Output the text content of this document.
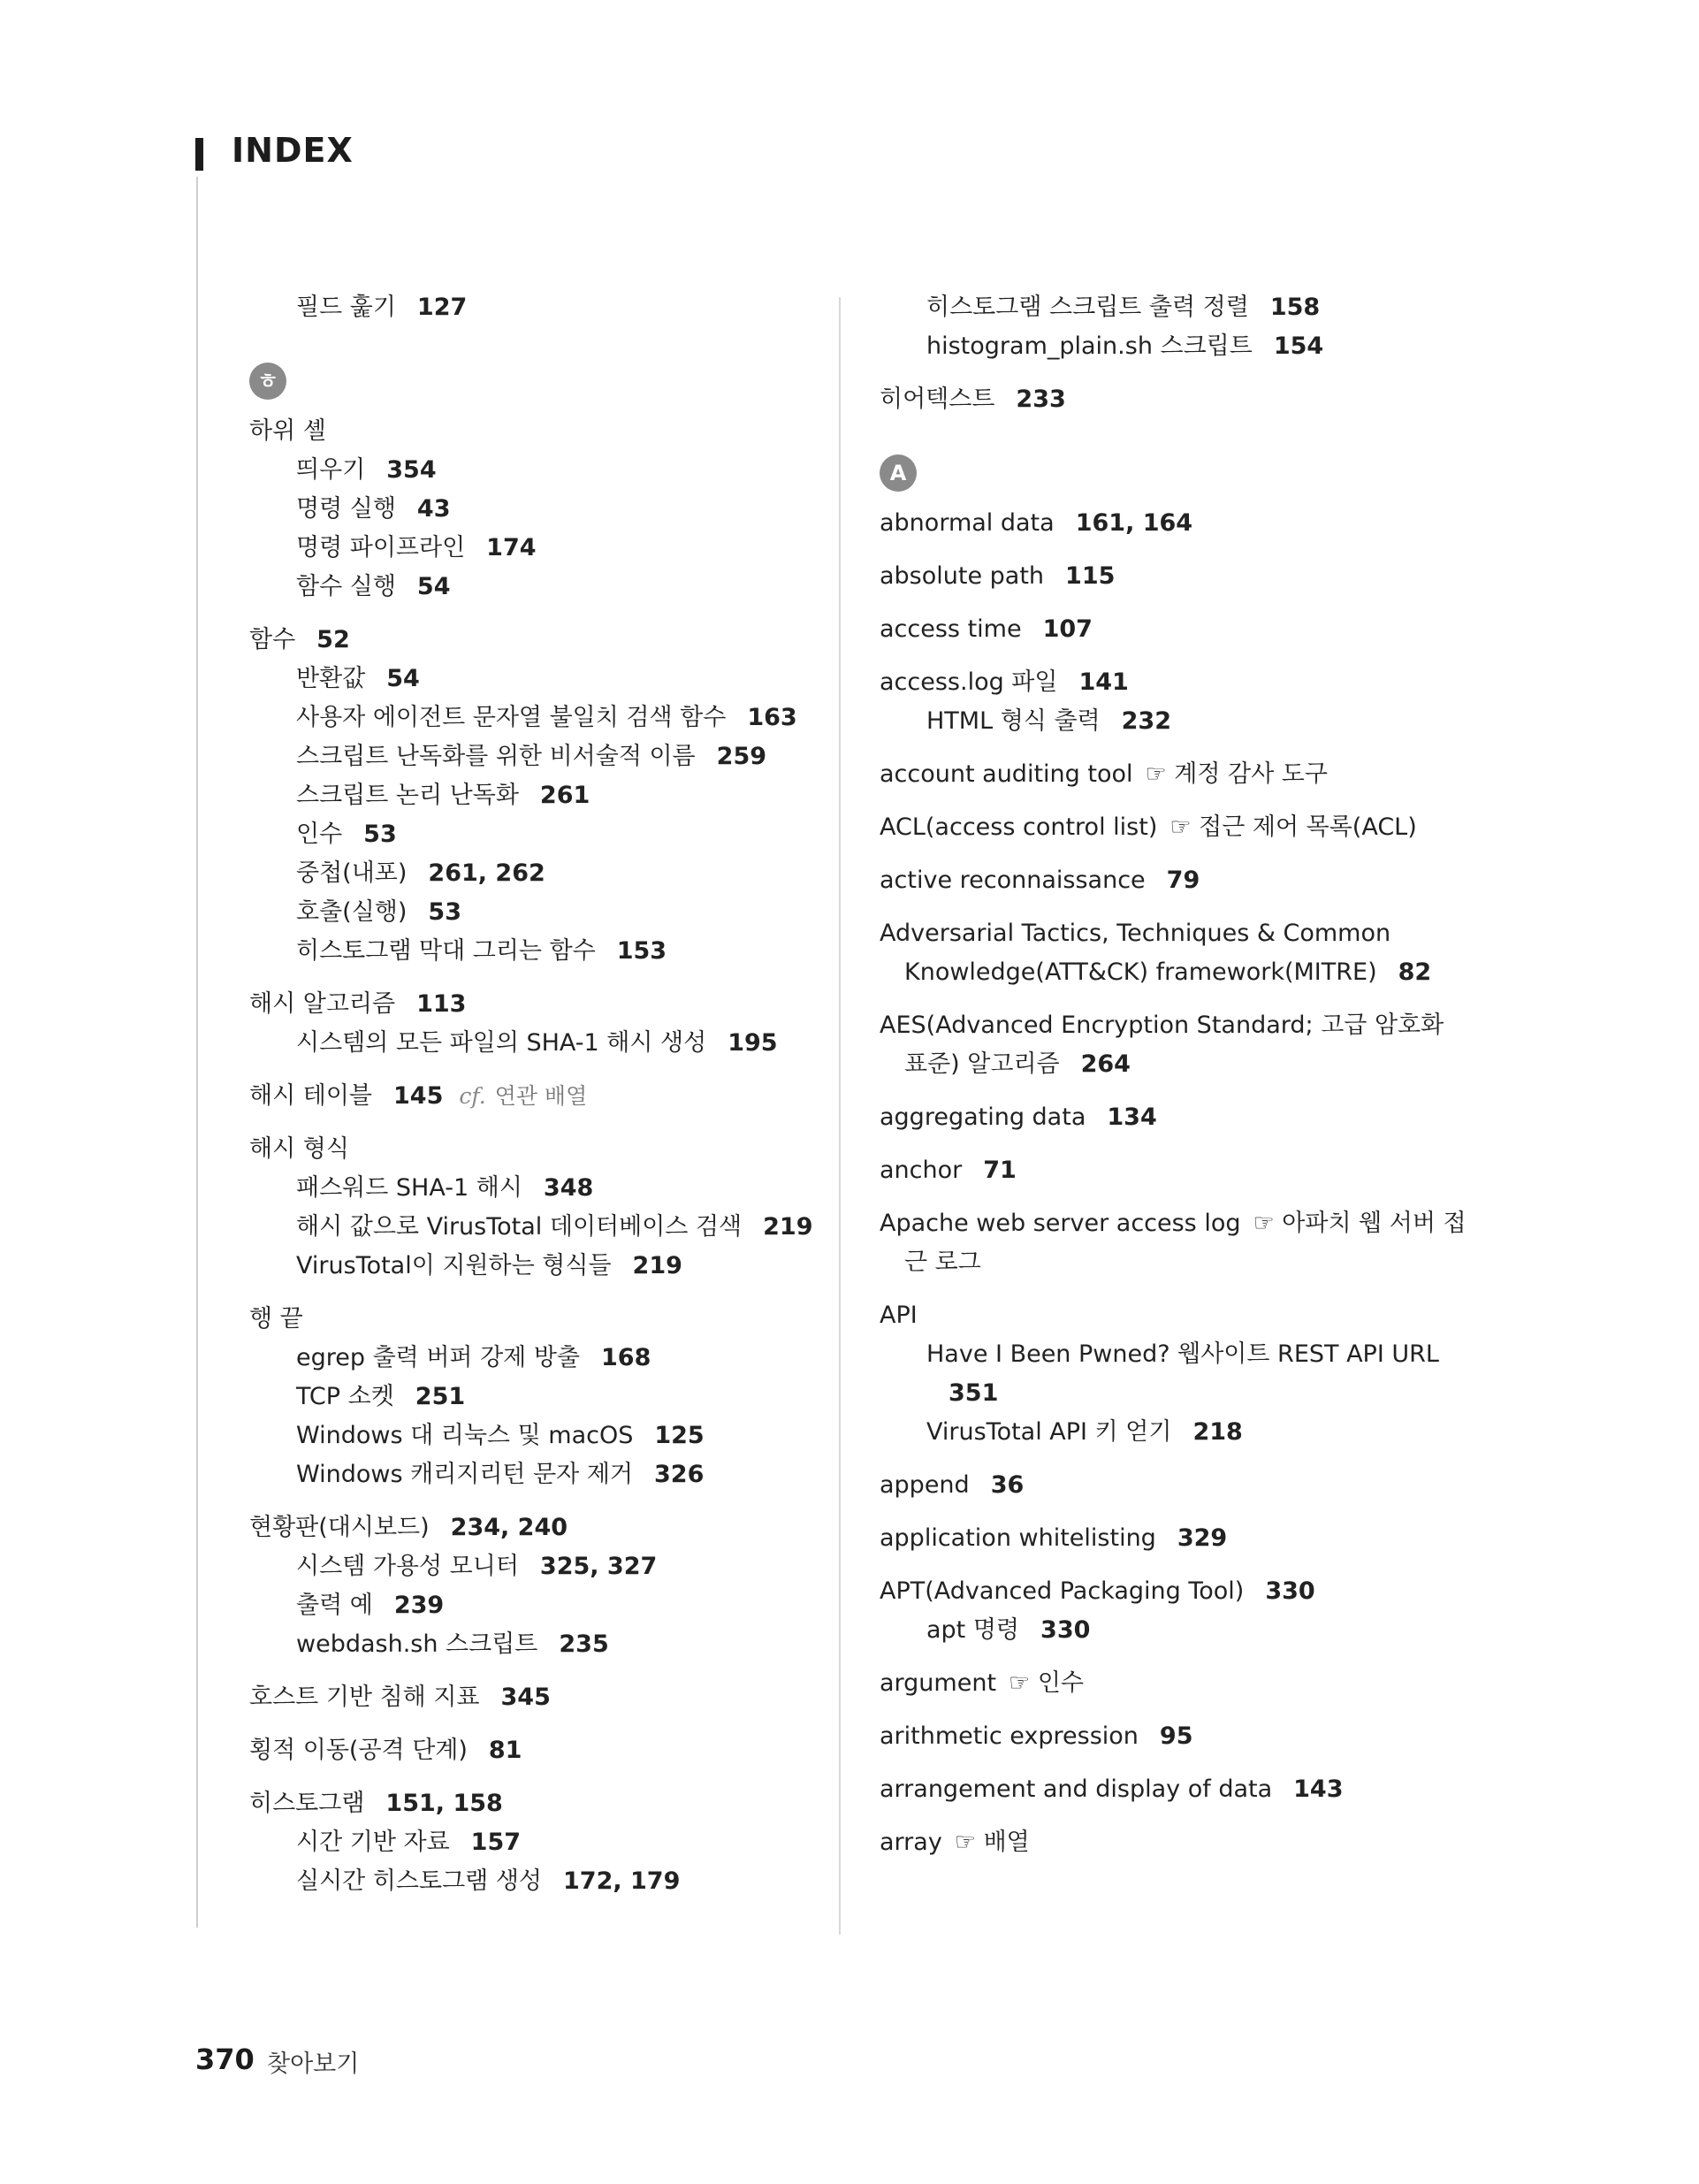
INDEX
필드 훑기 127
ㅎ
하위 셸
띄우기 354
명령 실행 43
명령 파이프라인 174
함수 실행 54
함수 52
반환값 54
사용자 에이전트 문자열 불일치 검색 함수 163
스크립트 난독화를 위한 비서술적 이름 259
스크립트 논리 난독화 261
인수 53
중첩(내포) 261, 262
호출(실행) 53
히스토그램 막대 그리는 함수 153
해시 알고리즘 113
시스템의 모든 파일의 SHA-1 해시 생성 195
해시 테이블 145 cf. 연관 배열
해시 형식
패스워드 SHA-1 해시 348
해시 값으로 VirusTotal 데이터베이스 검색 219
VirusTotal이 지원하는 형식들 219
행 끝
egrep 출력 버퍼 강제 방출 168
TCP 소켓 251
Windows 대 리눅스 및 macOS 125
Windows 캐리지리턴 문자 제거 326
현황판(대시보드) 234, 240
시스템 가용성 모니터 325, 327
출력 예 239
webdash.sh 스크립트 235
호스트 기반 침해 지표 345
횡적 이동(공격 단계) 81
히스토그램 151, 158
시간 기반 자료 157
실시간 히스토그램 생성 172, 179
히스토그램 스크립트 출력 정렬 158
histogram_plain.sh 스크립트 154
히어텍스트 233
A
abnormal data 161, 164
absolute path 115
access time 107
access.log 파일 141
HTML 형식 출력 232
account auditing tool ☞ 계정 감사 도구
ACL(access control list) ☞ 접근 제어 목록(ACL)
active reconnaissance 79
Adversarial Tactics, Techniques & Common
Knowledge(ATT&CK) framework(MITRE) 82
AES(Advanced Encryption Standard; 고급 암호화
표준) 알고리즘 264
aggregating data 134
anchor 71
Apache web server access log ☞ 아파치 웹 서버 접
근 로그
API
Have I Been Pwned? 웹사이트 REST API URL
351
VirusTotal API 키 얻기 218
append 36
application whitelisting 329
APT(Advanced Packaging Tool) 330
apt 명령 330
argument ☞ 인수
arithmetic expression 95
arrangement and display of data 143
array ☞ 배열
370 찾아보기
